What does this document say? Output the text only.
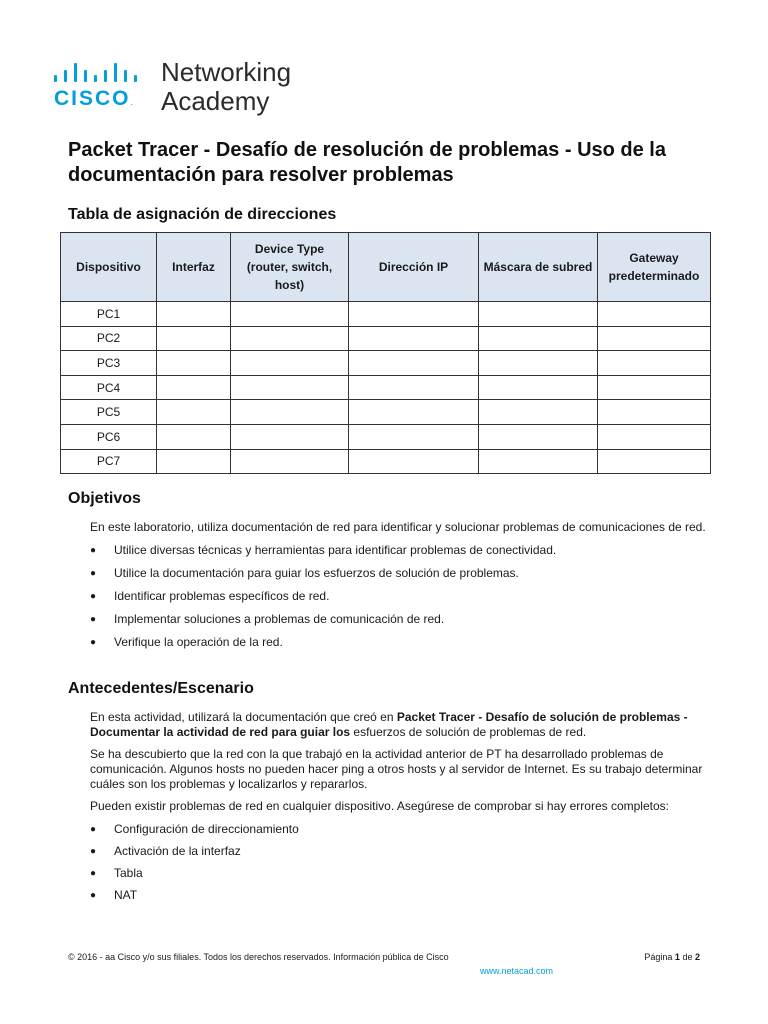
CISCO.
Networking
Academy
Packet Tracer - Desafío de resolución de problemas - Uso de la documentación para resolver problemas
Tabla de asignación de direcciones
Dispositivo	Interfaz	Device Type (router, switch, host)	Dirección IP	Máscara de subred	Gateway predeterminado
PC1					
PC2					
PC3					
PC4					
PC5					
PC6					
PC7					
Objetivos

En este laboratorio, utiliza documentación de red para identificar y solucionar problemas de comunicaciones de red.

● Utilice diversas técnicas y herramientas para identificar problemas de conectividad.
● Utilice la documentación para guiar los esfuerzos de solución de problemas.
● Identificar problemas específicos de red.
● Implementar soluciones a problemas de comunicación de red.
● Verifique la operación de la red.
Antecedentes/Escenario

En esta actividad, utilizará la documentación que creó en Packet Tracer - Desafío de solución de problemas - Documentar la actividad de red para guiar los esfuerzos de solución de problemas de red.

Se ha descubierto que la red con la que trabajó en la actividad anterior de PT ha desarrollado problemas de comunicación. Algunos hosts no pueden hacer ping a otros hosts y al servidor de Internet. Es su trabajo determinar cuáles son los problemas y localizarlos y repararlos.

Pueden existir problemas de red en cualquier dispositivo. Asegúrese de comprobar si hay errores completos:

● Configuración de direccionamiento
● Activación de la interfaz
● Tabla
● NAT
© 2016 - aa Cisco y/o sus filiales. Todos los derechos reservados. Información pública de Cisco	Página 1 de 2
www.netacad.com
